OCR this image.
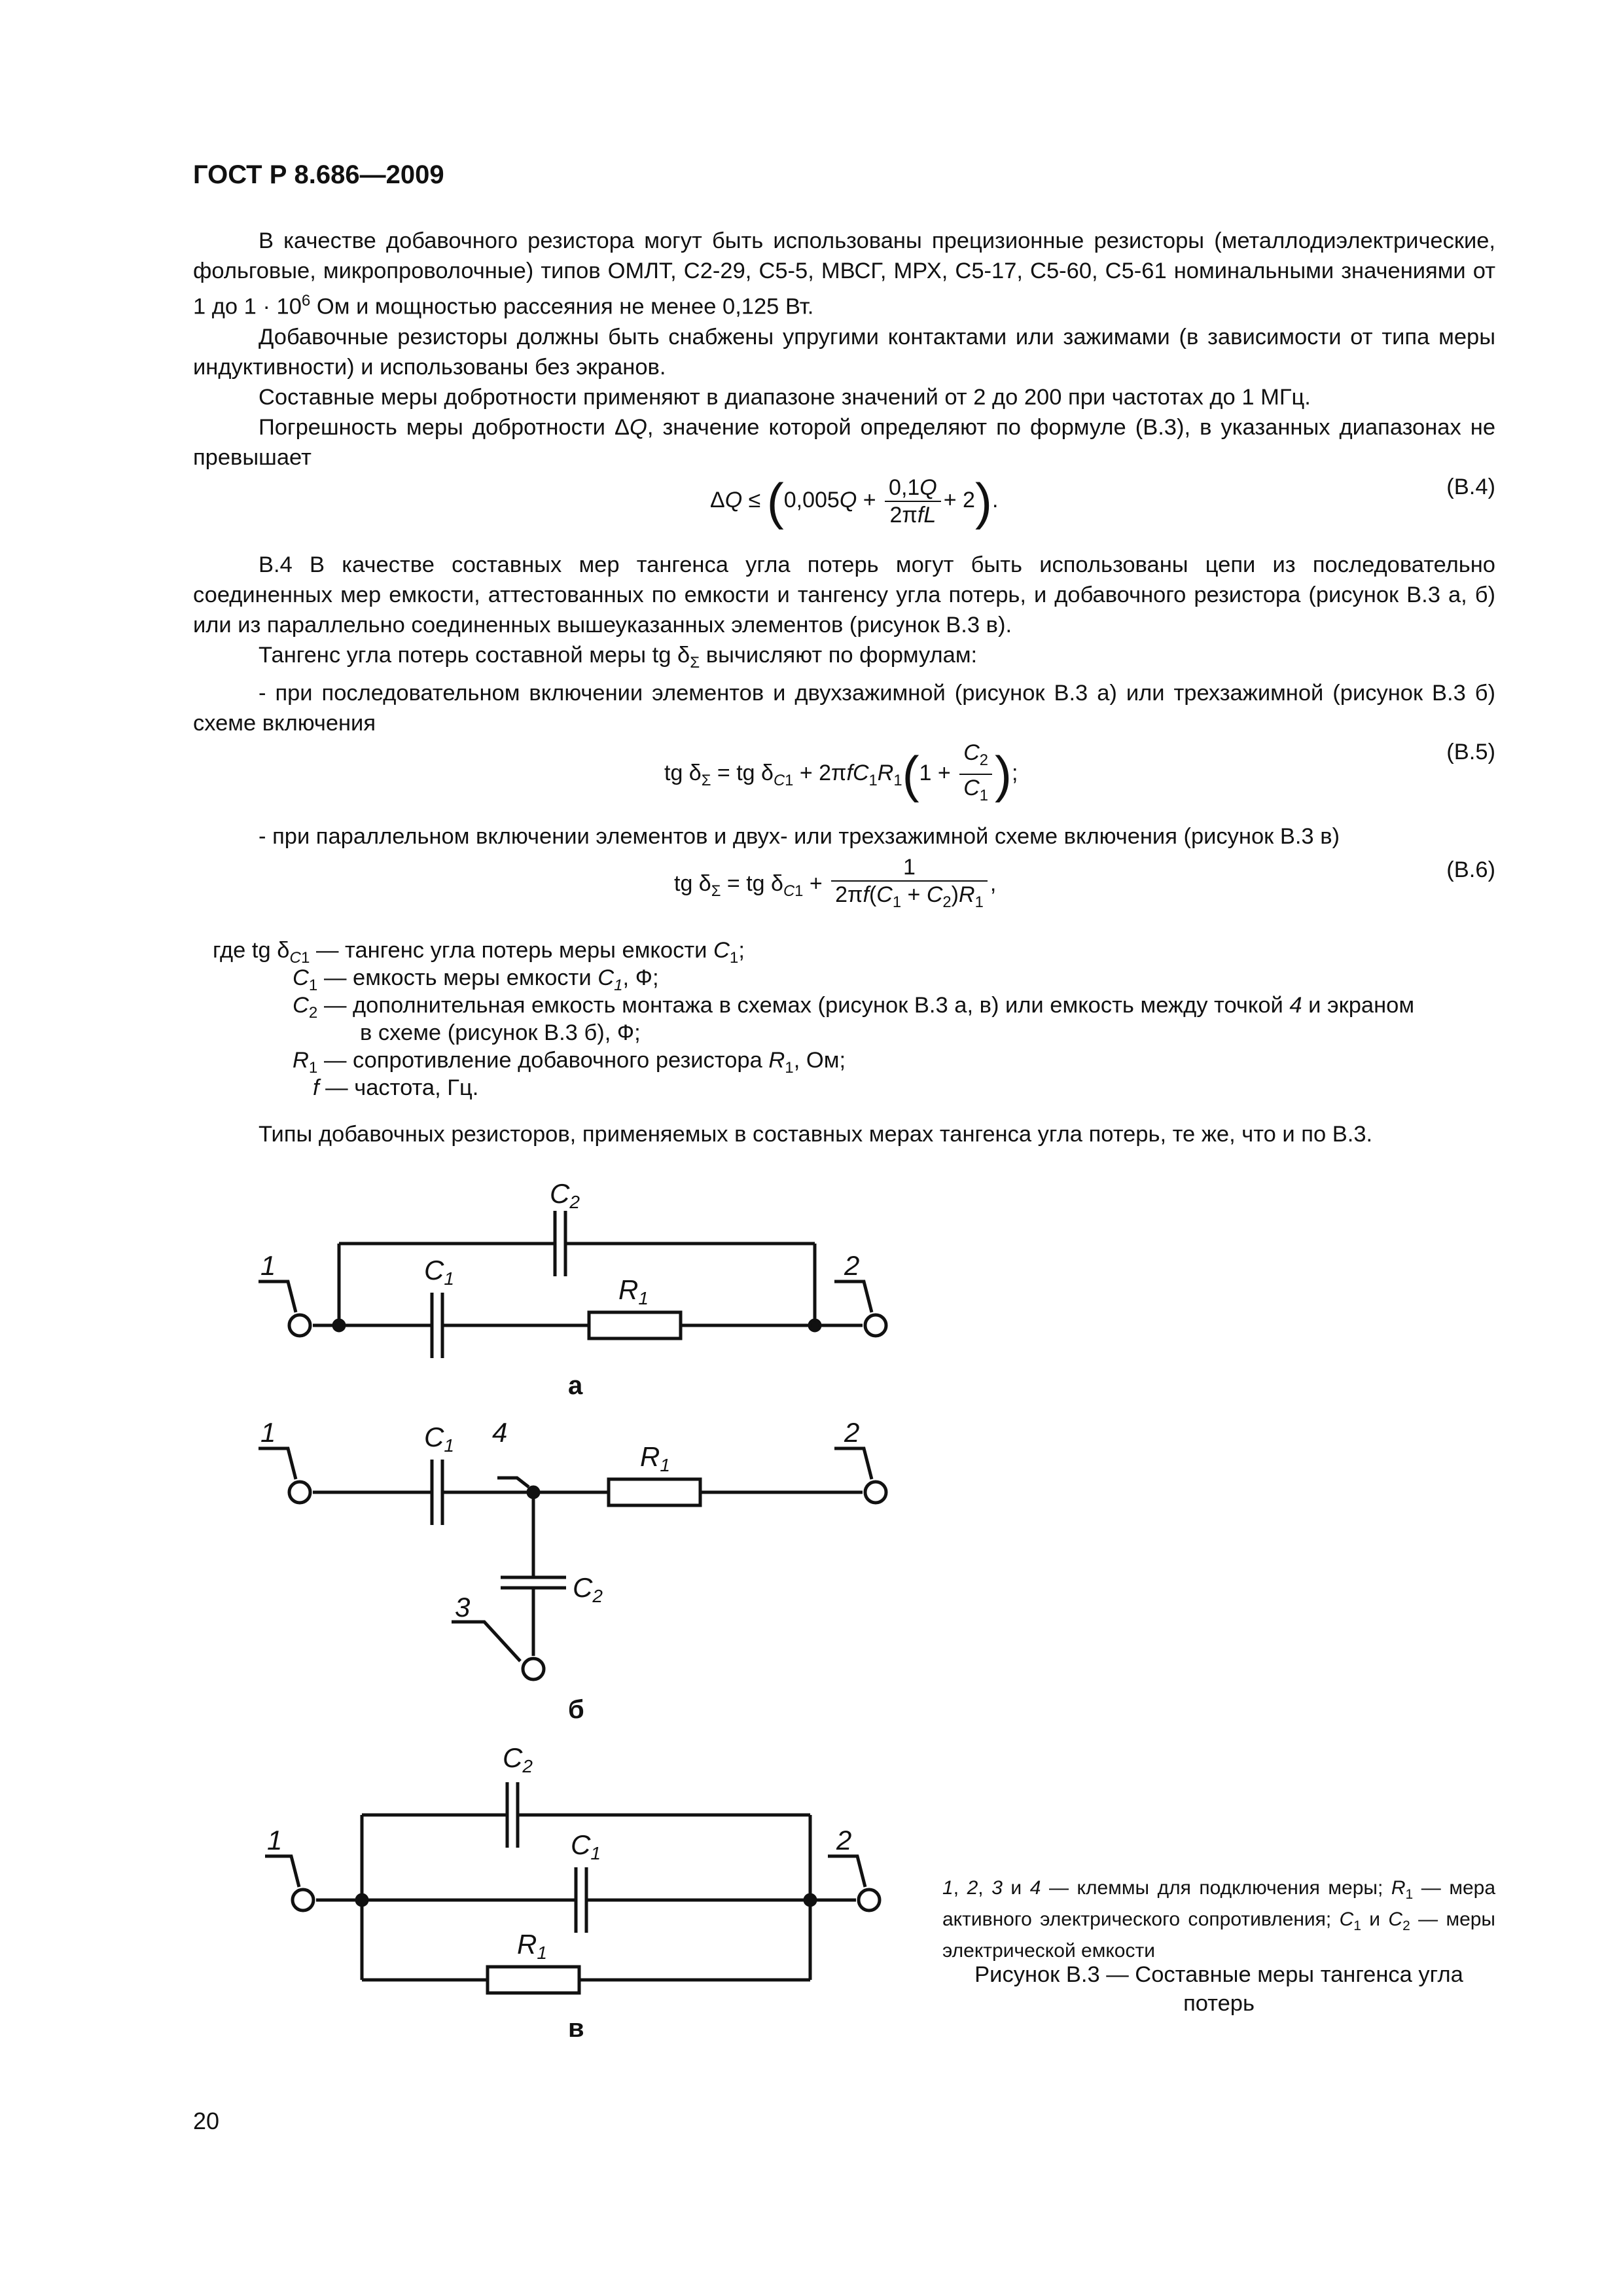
ГОСТ Р 8.686—2009

В качестве добавочного резистора могут быть использованы прецизионные резисторы (металлодиэлектрические, фольговые, микропроволочные) типов ОМЛТ, С2-29, С5-5, МВСГ, МРХ, С5-17, С5-60, С5-61 номинальными значениями от 1 до $1 \cdot 10^6$ Ом и мощностью рассеяния не менее 0,125 Вт.

Добавочные резисторы должны быть снабжены упругими контактами или зажимами (в зависимости от типа меры индуктивности) и использованы без экранов.

Составные меры добротности применяют в диапазоне значений от 2 до 200 при частотах до 1 МГц.

Погрешность меры добротности ΔQ, значение которой определяют по формуле (В.3), в указанных диапазонах не превышает

$\Delta Q \le (0,005Q + \frac{0,1Q}{\text{2πfL}} + 2)$.
(В.4)

В.4 В качестве составных мер тангенса угла потерь могут быть использованы цепи из последовательно соединенных мер емкости, аттестованных по емкости и тангенсу угла потерь, и добавочного резистора (рисунок В.3 а, б) или из параллельно соединенных вышеуказанных элементов (рисунок В.3 в).

Тангенс угла потерь составной меры tg $\delta_\Sigma$ вычисляют по формулам:

- при последовательном включении элементов и двухзажимной (рисунок В.3 а) или трехзажимной (рисунок В.3 б) схеме включения

tg $\delta_\Sigma$ = tg $\delta_{C1} + 2\pi fC_1R_1(1 + \frac{C_2}{C_1}$ );
(В.5)

- при параллельном включении элементов и двух- или трехзажимной схеме включения (рисунок В.3 в)

tg $\delta_\Sigma$ = tg $\delta_{C1} + \frac{1}{2\pi f(C_1 + C_2)R_1}$ ,
(В.6)
где tg $\delta_{C1}$ — тангенс угла потерь меры емкости $C_1$;
$C_1$ — емкость меры емкости $C_1$, Ф;
$C_2$ — дополнительная емкость монтажа в схемах (рисунок В.3 а, в) или емкость между точкой 4 и экраном
в схеме (рисунок В.3 б), Ф;
$R_1$ — сопротивление добавочного резистора $R_1$, Ом;
f — частота, Гц.

Типы добавочных резисторов, применяемых в составных мерах тангенса угла потерь, те же, что и по В.3.

C2
C1	R1
1	2
C1	R1
C2
1	2
4
3
C2
C1
R1
1	2
а
б
в
1, 2, 3 и 4 — клеммы для подключения меры; $R_1$ — мера активного электрического сопротивления; $C_1$ и $C_2$ — меры электрической емкости
Рисунок В.3 — Составные меры тангенса угла потерь
20
